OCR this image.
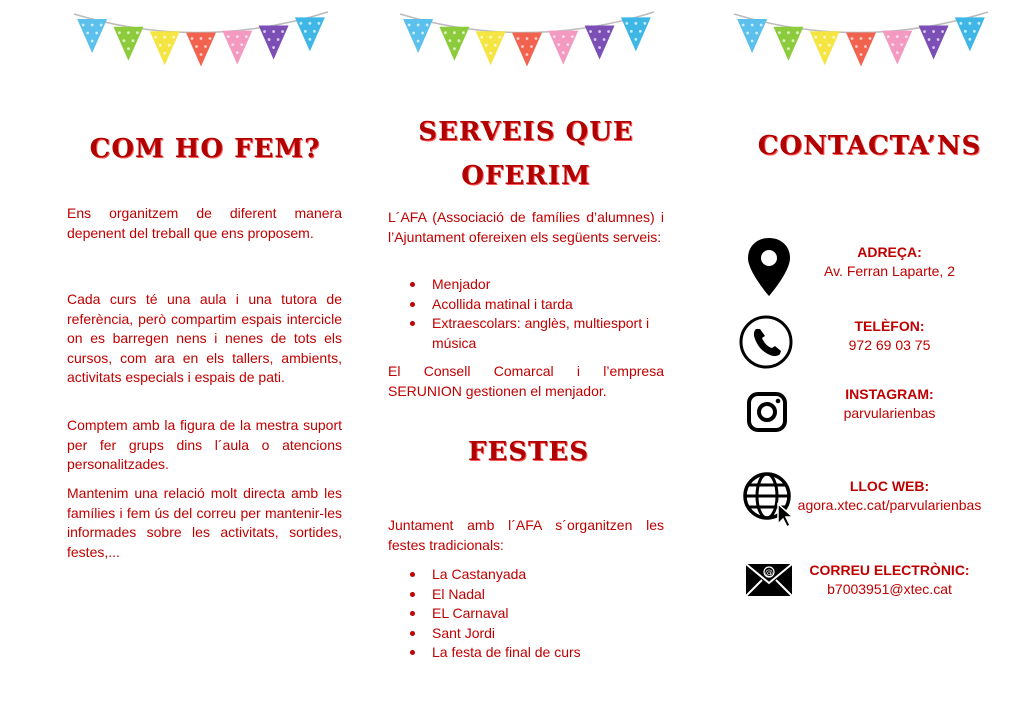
COM HO FEM?

Ens organitzem de diferent manera depenent del treball que ens proposem.

Cada curs té una aula i una tutora de referència, però compartim espais intercicle on es barregen nens i nenes de tots els cursos, com ara en els tallers, ambients, activitats especials i espais de pati.

Comptem amb la figura de la mestra suport per fer grups dins l´aula o atencions personalitzades.

Mantenim una relació molt directa amb les famílies i fem ús del correu per mantenir-les informades sobre les activitats, sortides, festes,...

SERVEIS QUE
OFERIM

L´AFA (Associació de famílies d’alumnes) i l’Ajuntament ofereixen els següents serveis:

Menjador
Acollida matinal i tarda
Extraescolars: anglès, multiesport i música

El Consell Comarcal i l’empresa SERUNION gestionen el menjador.

FESTES

Juntament amb l´AFA s´organitzen les festes tradicionals:

La Castanyada
El Nadal
EL Carnaval
Sant Jordi
La festa de final de curs
CONTACTA’NS
ADREÇA:
Av. Ferran Laparte, 2
TELÈFON:
972 69 03 75
INSTAGRAM:
parvularienbas
LLOC WEB:
agora.xtec.cat/parvularienbas
@	CORREU ELECTRÒNIC:
b7003951@xtec.cat
